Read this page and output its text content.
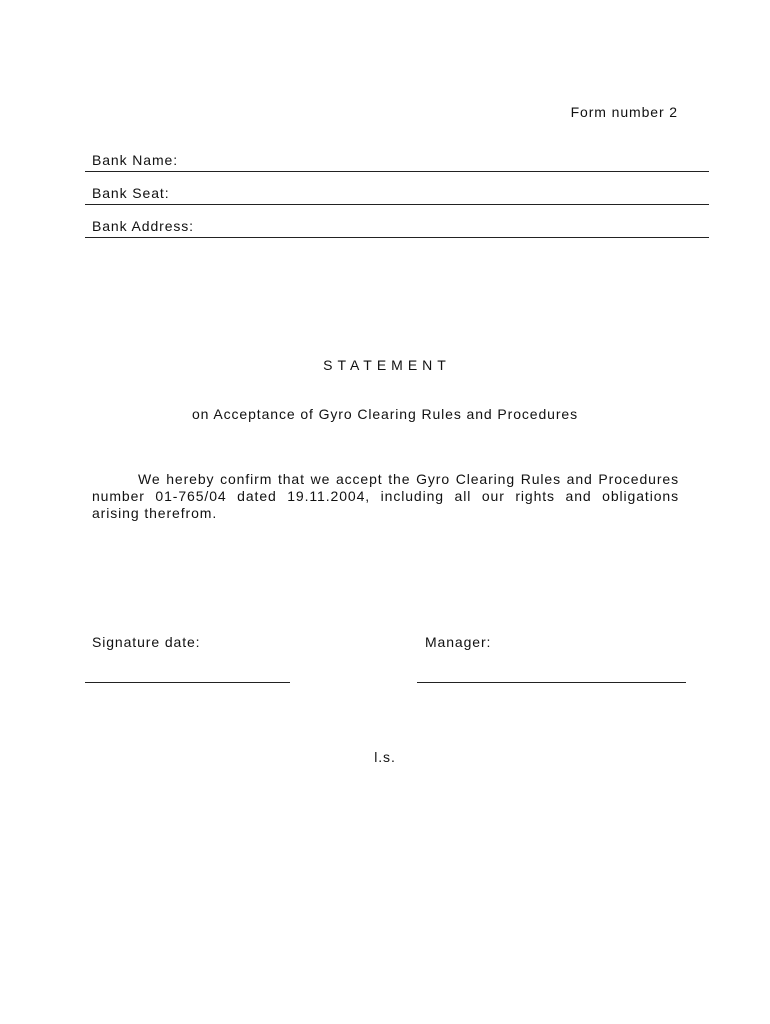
Form number 2
Bank Name:
Bank Seat:
Bank Address:
STATEMENT
on Acceptance of Gyro Clearing Rules and Procedures

We hereby confirm that we accept the Gyro Clearing Rules and Procedures number 01-765/04 dated 19.11.2004, including all our rights and obligations arising therefrom.

Signature date:	Manager:
l.s.
